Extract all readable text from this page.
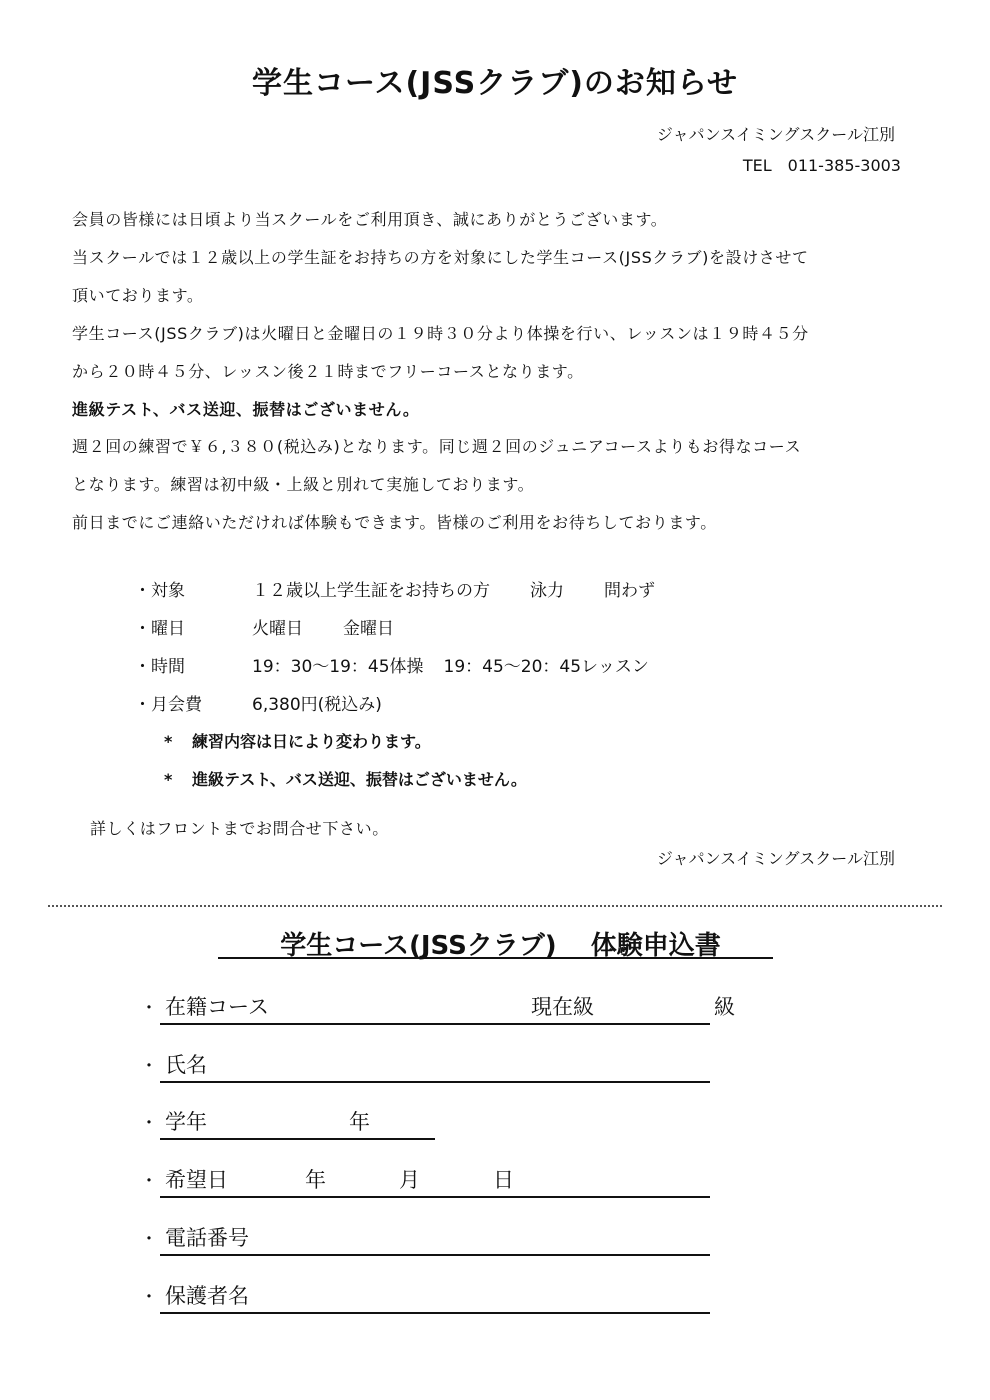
学生コース(JSSクラブ)のお知らせ
ジャパンスイミングスクール江別
TEL　011-385-3003
会員の皆様には日頃より当スクールをご利用頂き、誠にありがとうございます。
当スクールでは１２歳以上の学生証をお持ちの方を対象にした学生コース(JSSクラブ)を設けさせて
頂いております。
学生コース(JSSクラブ)は火曜日と金曜日の１９時３０分より体操を行い、レッスンは１９時４５分
から２０時４５分、レッスン後２１時までフリーコースとなります。
進級テスト、バス送迎、振替はございません。
週２回の練習で￥６,３８０(税込み)となります。同じ週２回のジュニアコースよりもお得なコース
となります。練習は初中級・上級と別れて実施しております。
前日までにご連絡いただければ体験もできます。皆様のご利用をお待ちしております。
・対象	１２歳以上学生証をお持ちの方 泳力 問わず
・曜日	火曜日 金曜日
・時間	19：30～19：45体操 19：45～20：45レッスン
・月会費	6,380円(税込み)
* 練習内容は日により変わります。
* 進級テスト、バス送迎、振替はございません。
詳しくはフロントまでお問合せ下さい。
ジャパンスイミングスクール江別
学生コース(JSSクラブ) 体験申込書
・ 在籍コース	現在級	級
・ 氏名
・ 学年	年
・ 希望日	年	月	日
・ 電話番号
・ 保護者名
